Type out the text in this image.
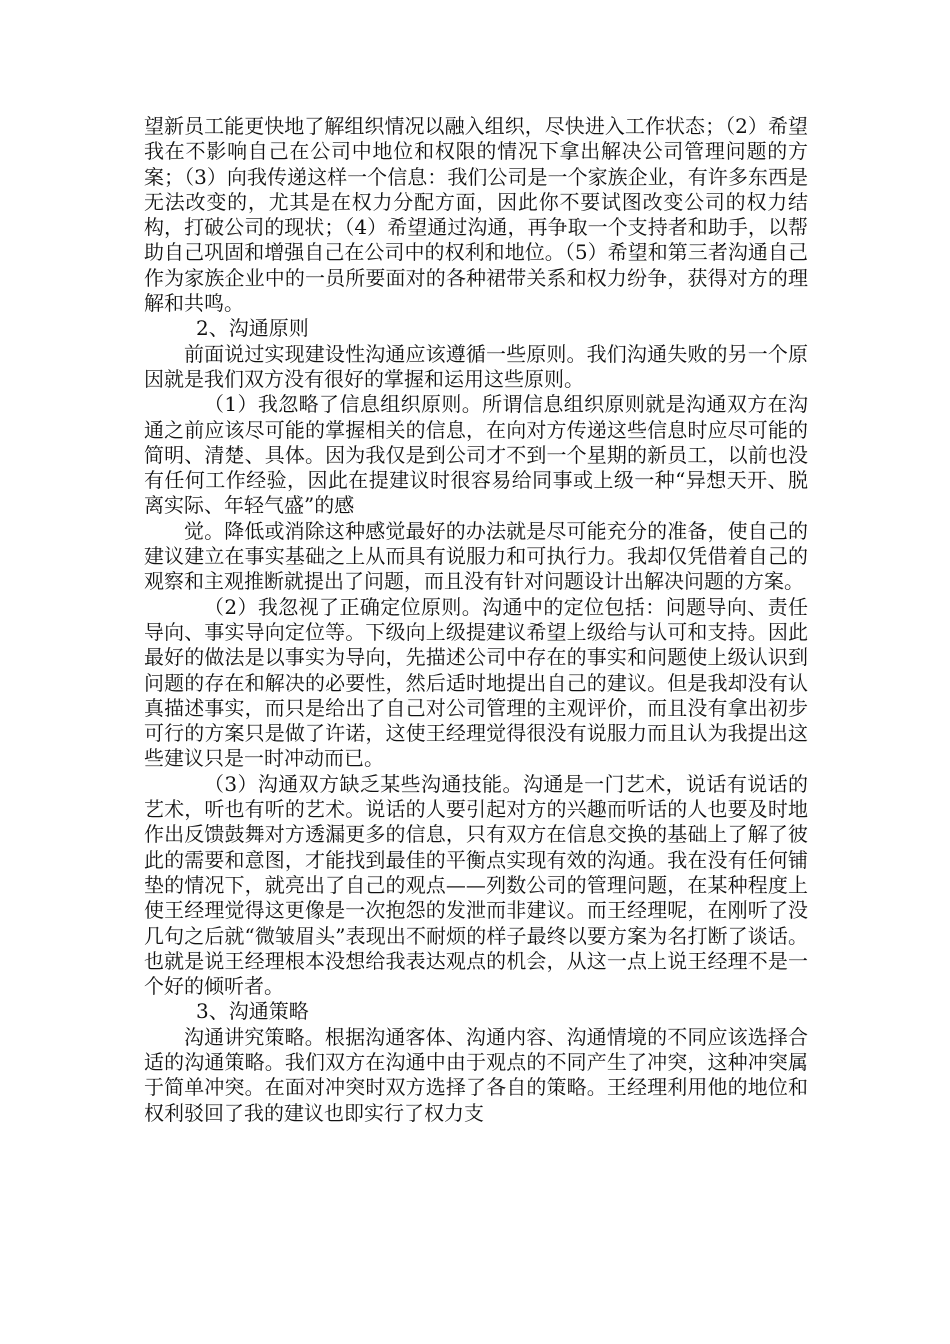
望新员工能更快地了解组织情况以融入组织，尽快进入工作状态；（2）希望我在不影响自己在公司中地位和权限的情况下拿出解决公司管理问题的方案；（3）向我传递这样一个信息：我们公司是一个家族企业，有许多东西是无法改变的，尤其是在权力分配方面，因此你不要试图改变公司的权力结构，打破公司的现状；（4）希望通过沟通，再争取一个支持者和助手，以帮助自己巩固和增强自己在公司中的权利和地位。（5）希望和第三者沟通自己作为家族企业中的一员所要面对的各种裙带关系和权力纷争，获得对方的理解和共鸣。

2、沟通原则

前面说过实现建设性沟通应该遵循一些原则。我们沟通失败的另一个原因就是我们双方没有很好的掌握和运用这些原则。

（1）我忽略了信息组织原则。所谓信息组织原则就是沟通双方在沟通之前应该尽可能的掌握相关的信息，在向对方传递这些信息时应尽可能的简明、清楚、具体。因为我仅是到公司才不到一个星期的新员工，以前也没有任何工作经验，因此在提建议时很容易给同事或上级一种“异想天开、脱离实际、年轻气盛”的感

觉。降低或消除这种感觉最好的办法就是尽可能充分的准备，使自己的建议建立在事实基础之上从而具有说服力和可执行力。我却仅凭借着自己的观察和主观推断就提出了问题，而且没有针对问题设计出解决问题的方案。

（2）我忽视了正确定位原则。沟通中的定位包括：问题导向、责任导向、事实导向定位等。下级向上级提建议希望上级给与认可和支持。因此最好的做法是以事实为导向，先描述公司中存在的事实和问题使上级认识到问题的存在和解决的必要性，然后适时地提出自己的建议。但是我却没有认真描述事实，而只是给出了自己对公司管理的主观评价，而且没有拿出初步可行的方案只是做了许诺，这使王经理觉得很没有说服力而且认为我提出这些建议只是一时冲动而已。

（3）沟通双方缺乏某些沟通技能。沟通是一门艺术，说话有说话的艺术，听也有听的艺术。说话的人要引起对方的兴趣而听话的人也要及时地作出反馈鼓舞对方透漏更多的信息，只有双方在信息交换的基础上了解了彼此的需要和意图，才能找到最佳的平衡点实现有效的沟通。我在没有任何铺垫的情况下，就亮出了自己的观点——列数公司的管理问题，在某种程度上使王经理觉得这更像是一次抱怨的发泄而非建议。而王经理呢，在刚听了没几句之后就“微皱眉头”表现出不耐烦的样子最终以要方案为名打断了谈话。也就是说王经理根本没想给我表达观点的机会，从这一点上说王经理不是一个好的倾听者。

3、沟通策略

沟通讲究策略。根据沟通客体、沟通内容、沟通情境的不同应该选择合适的沟通策略。我们双方在沟通中由于观点的不同产生了冲突，这种冲突属于简单冲突。在面对冲突时双方选择了各自的策略。王经理利用他的地位和权利驳回了我的建议也即实行了权力支
